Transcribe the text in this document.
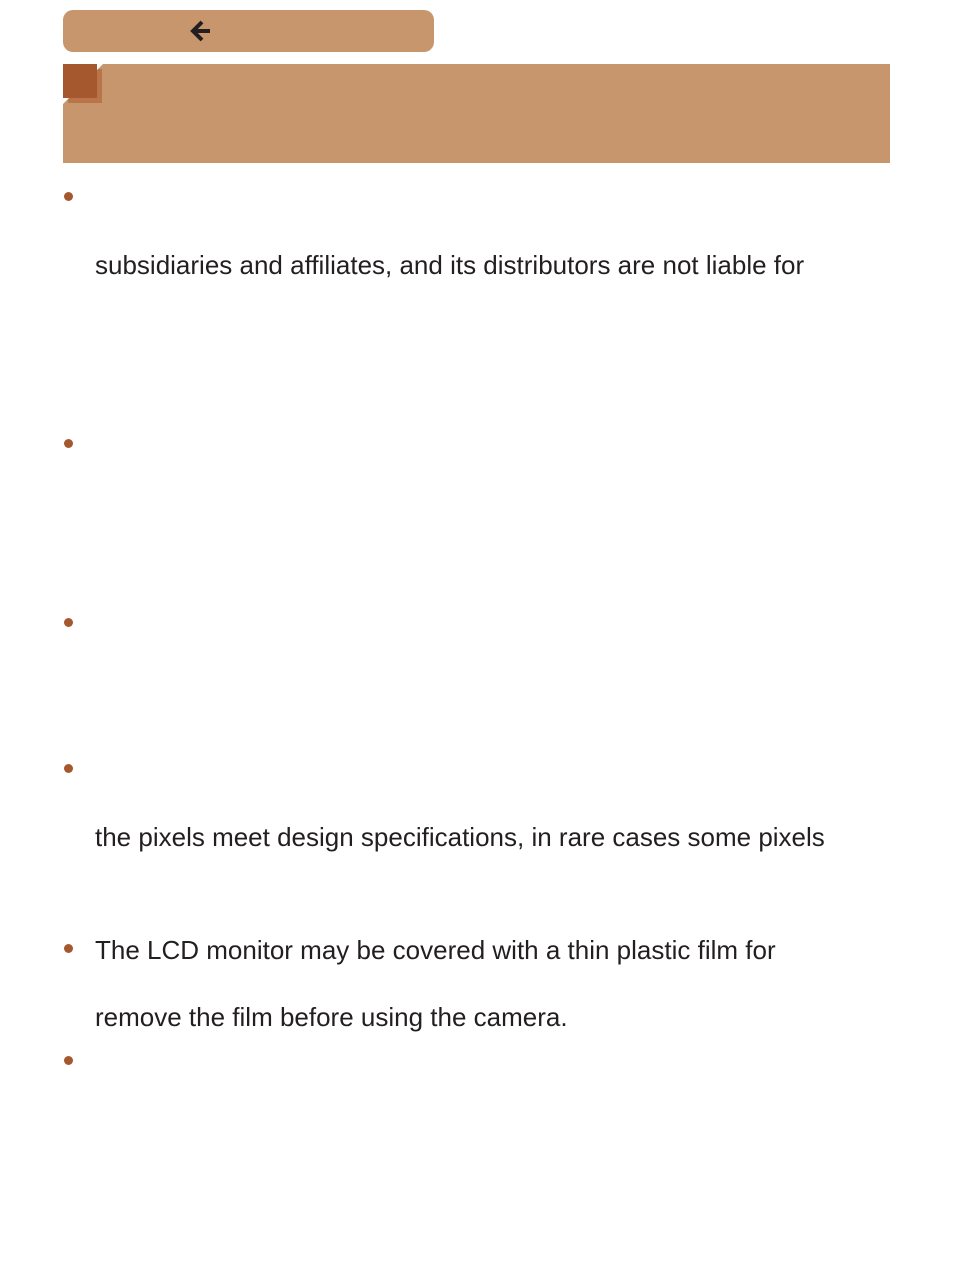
subsidiaries and affiliates, and its distributors are not liable for
the pixels meet design specifications, in rare cases some pixels
The LCD monitor may be covered with a thin plastic film for
remove the film before using the camera.
